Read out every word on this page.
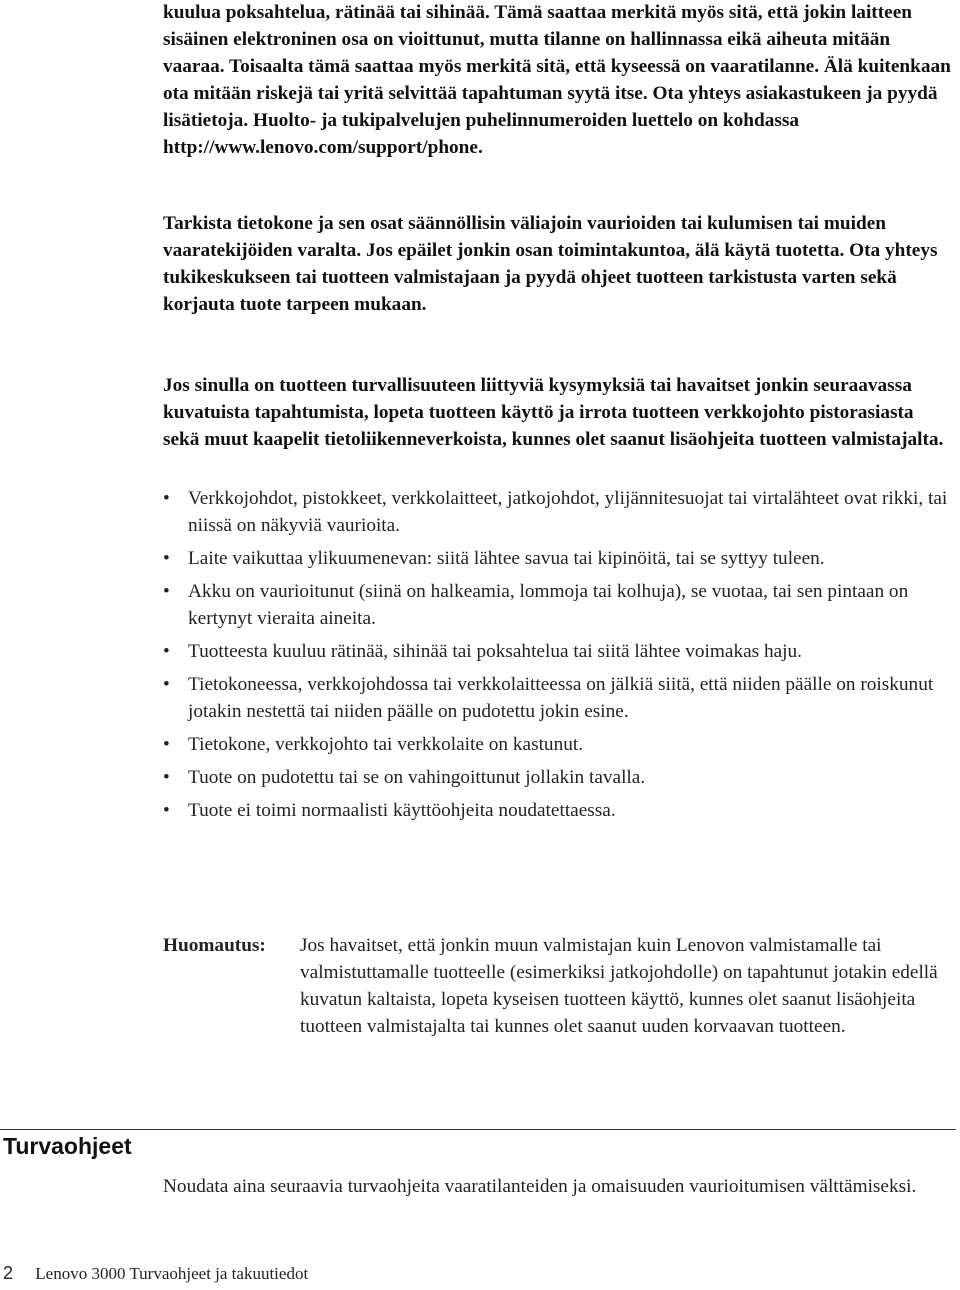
kuulua poksahtelua, rätinää tai sihinää. Tämä saattaa merkitä myös sitä, että jokin laitteen sisäinen elektroninen osa on vioittunut, mutta tilanne on hallinnassa eikä aiheuta mitään vaaraa. Toisaalta tämä saattaa myös merkitä sitä, että kyseessä on vaaratilanne. Älä kuitenkaan ota mitään riskejä tai yritä selvittää tapahtuman syytä itse. Ota yhteys asiakastukeen ja pyydä lisätietoja. Huolto- ja tukipalvelujen puhelinnumeroiden luettelo on kohdassa http://www.lenovo.com/support/phone.
Tarkista tietokone ja sen osat säännöllisin väliajoin vaurioiden tai kulumisen tai muiden vaaratekijöiden varalta. Jos epäilet jonkin osan toimintakuntoa, älä käytä tuotetta. Ota yhteys tukikeskukseen tai tuotteen valmistajaan ja pyydä ohjeet tuotteen tarkistusta varten sekä korjauta tuote tarpeen mukaan.
Jos sinulla on tuotteen turvallisuuteen liittyviä kysymyksiä tai havaitset jonkin seuraavassa kuvatuista tapahtumista, lopeta tuotteen käyttö ja irrota tuotteen verkkojohto pistorasiasta sekä muut kaapelit tietoliikenneverkoista, kunnes olet saanut lisäohjeita tuotteen valmistajalta.
• Verkkojohdot, pistokkeet, verkkolaitteet, jatkojohdot, ylijännitesuojat tai virtalähteet ovat rikki, tai niissä on näkyviä vaurioita.
• Laite vaikuttaa ylikuumenevan: siitä lähtee savua tai kipinöitä, tai se syttyy tuleen.
• Akku on vaurioitunut (siinä on halkeamia, lommoja tai kolhuja), se vuotaa, tai sen pintaan on kertynyt vieraita aineita.
• Tuotteesta kuuluu rätinää, sihinää tai poksahtelua tai siitä lähtee voimakas haju.
• Tietokoneessa, verkkojohdossa tai verkkolaitteessa on jälkiä siitä, että niiden päälle on roiskunut jotakin nestettä tai niiden päälle on pudotettu jokin esine.
• Tietokone, verkkojohto tai verkkolaite on kastunut.
• Tuote on pudotettu tai se on vahingoittunut jollakin tavalla.
• Tuote ei toimi normaalisti käyttöohjeita noudatettaessa.
Huomautus: Jos havaitset, että jonkin muun valmistajan kuin Lenovon valmistamalle tai valmistuttamalle tuotteelle (esimerkiksi jatkojohdolle) on tapahtunut jotakin edellä kuvatun kaltaista, lopeta kyseisen tuotteen käyttö, kunnes olet saanut lisäohjeita tuotteen valmistajalta tai kunnes olet saanut uuden korvaavan tuotteen.
Turvaohjeet
Noudata aina seuraavia turvaohjeita vaaratilanteiden ja omaisuuden vaurioitumisen välttämiseksi.
2 Lenovo 3000 Turvaohjeet ja takuutiedot
